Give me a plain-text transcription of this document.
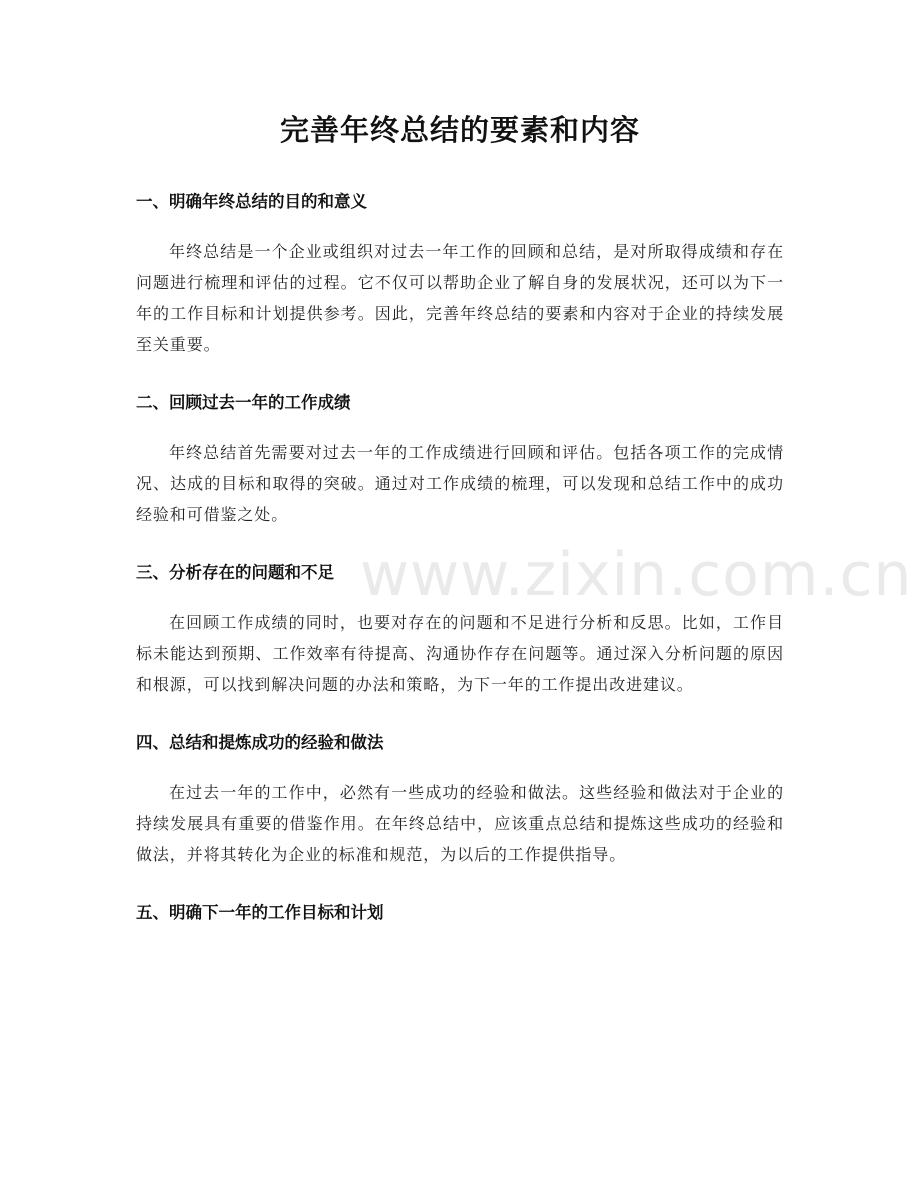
完善年终总结的要素和内容
一、明确年终总结的目的和意义

年终总结是一个企业或组织对过去一年工作的回顾和总结，是对所取得成绩和存在问题进行梳理和评估的过程。它不仅可以帮助企业了解自身的发展状况，还可以为下一年的工作目标和计划提供参考。因此，完善年终总结的要素和内容对于企业的持续发展至关重要。

二、回顾过去一年的工作成绩

年终总结首先需要对过去一年的工作成绩进行回顾和评估。包括各项工作的完成情况、达成的目标和取得的突破。通过对工作成绩的梳理，可以发现和总结工作中的成功经验和可借鉴之处。

三、分析存在的问题和不足

在回顾工作成绩的同时，也要对存在的问题和不足进行分析和反思。比如，工作目标未能达到预期、工作效率有待提高、沟通协作存在问题等。通过深入分析问题的原因和根源，可以找到解决问题的办法和策略，为下一年的工作提出改进建议。

四、总结和提炼成功的经验和做法

在过去一年的工作中，必然有一些成功的经验和做法。这些经验和做法对于企业的持续发展具有重要的借鉴作用。在年终总结中，应该重点总结和提炼这些成功的经验和做法，并将其转化为企业的标准和规范，为以后的工作提供指导。

五、明确下一年的工作目标和计划
www.zixin.com.cn
